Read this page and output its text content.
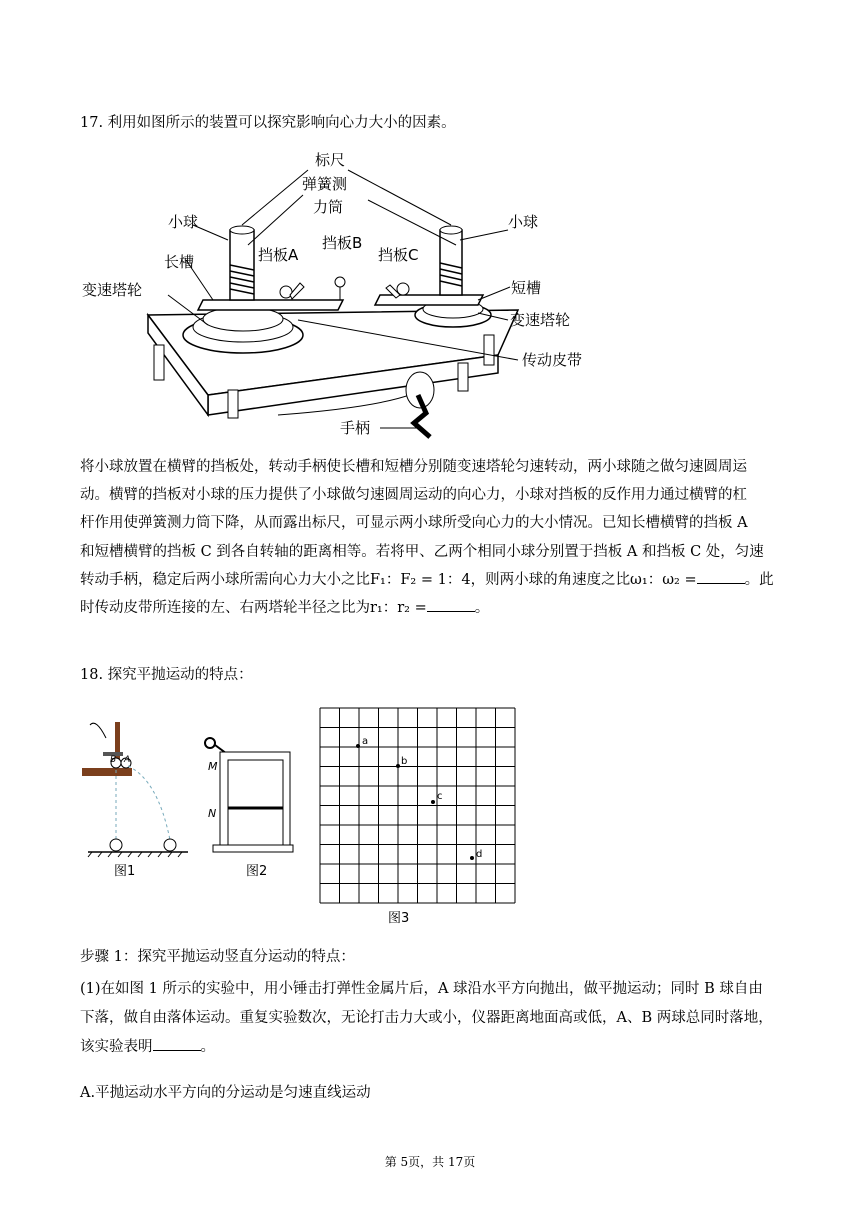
17. 利用如图所示的装置可以探究影响向心力大小的因素。
标尺
弹簧测
力筒
小球	小球
挡板A
挡板B
挡板C
长槽
短槽
变速塔轮
变速塔轮
传动皮带
手柄

将小球放置在横臂的挡板处，转动手柄使长槽和短槽分别随变速塔轮匀速转动，两小球随之做匀速圆周运

动。横臂的挡板对小球的压力提供了小球做匀速圆周运动的向心力，小球对挡板的反作用力通过横臂的杠

杆作用使弹簧测力筒下降，从而露出标尺，可显示两小球所受向心力的大小情况。已知长槽横臂的挡板 A

和短槽横臂的挡板 C 到各自转轴的距离相等。若将甲、乙两个相同小球分别置于挡板 A 和挡板 C 处，匀速

转动手柄，稳定后两小球所需向心力大小之比F₁：F₂ = 1：4，则两小球的角速度之比ω₁：ω₂ =	。此

时传动皮带所连接的左、右两塔轮半径之比为r₁：r₂ =	。

18. 探究平抛运动的特点：
B A
图1
M
N
图2
a
b
c
d
图3
步骤 1：探究平抛运动竖直分运动的特点：
(1)在如图 1 所示的实验中，用小锤击打弹性金属片后，A 球沿水平方向抛出，做平抛运动；同时 B 球自由
下落，做自由落体运动。重复实验数次，无论打击力大或小，仪器距离地面高或低，A、B 两球总同时落地，
该实验表明	。
A.平抛运动水平方向的分运动是匀速直线运动
第 5页，共 17页
